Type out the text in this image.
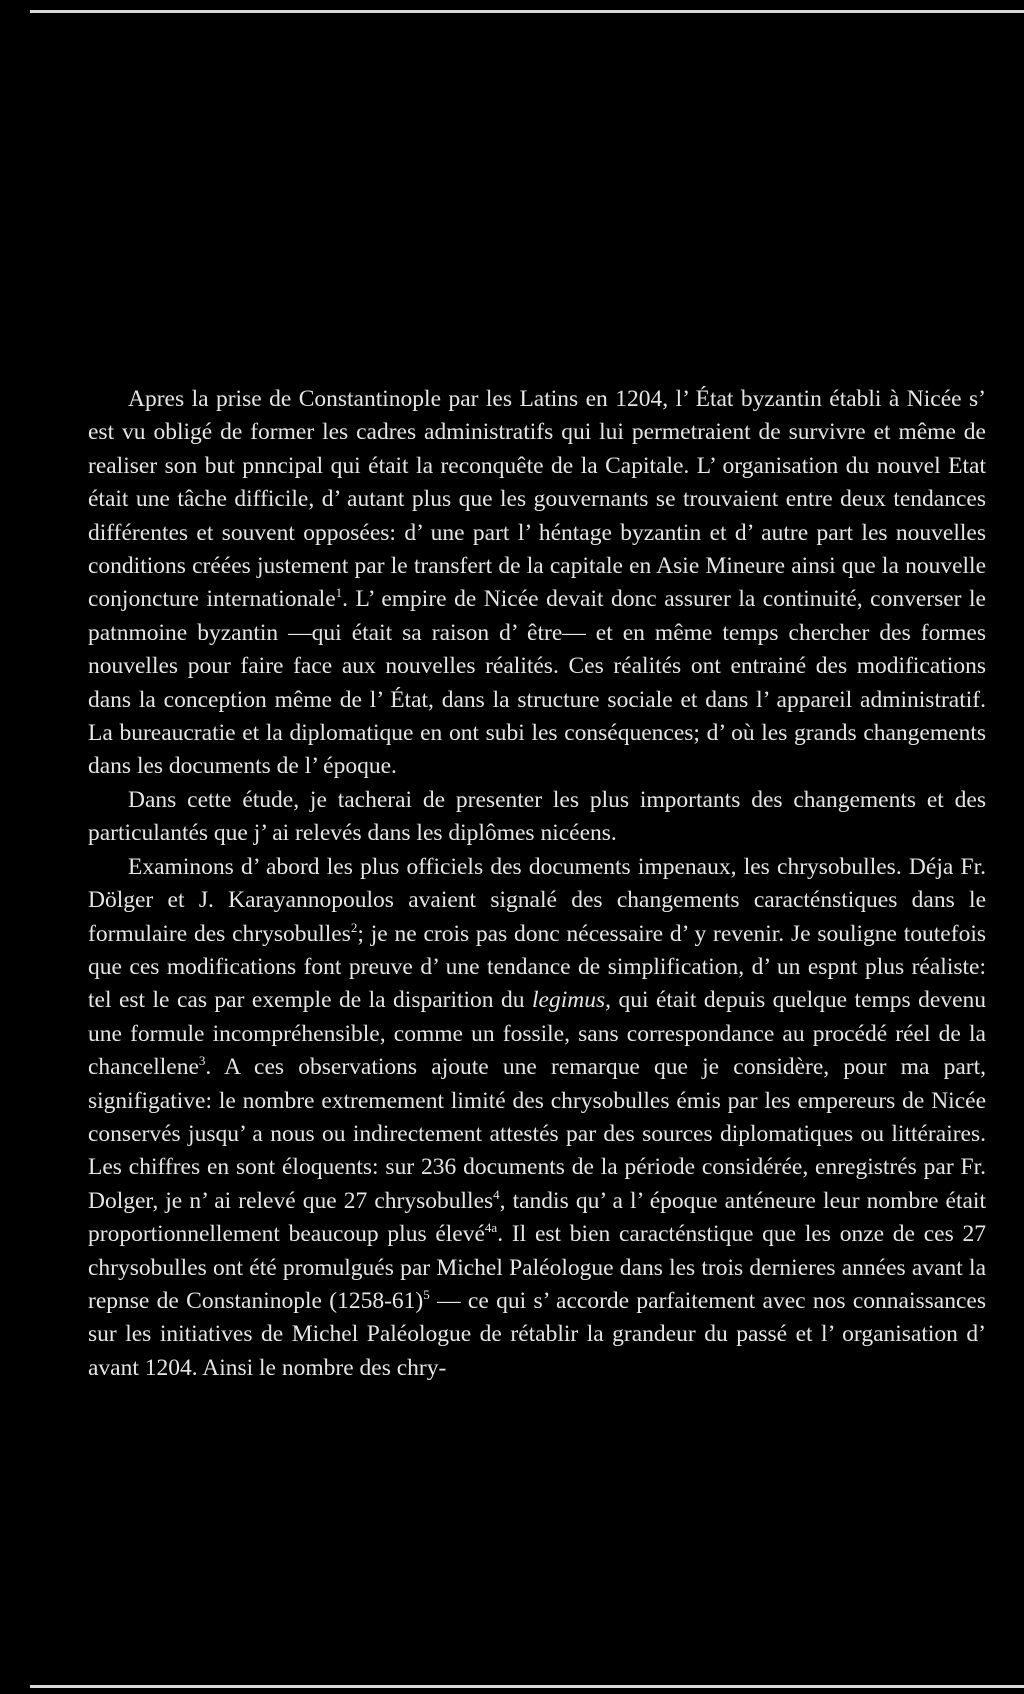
Apres la prise de Constantinople par les Latins en 1204, l’ État byzantin établi à Nicée s’ est vu obligé de former les cadres administratifs qui lui permetraient de survivre et même de realiser son but pnncipal qui était la reconquête de la Capitale. L’ organisation du nouvel Etat était une tâche difficile, d’ autant plus que les gouvernants se trouvaient entre deux tendances différentes et souvent opposées: d’ une part l’ héntage byzantin et d’ autre part les nouvelles conditions créées justement par le transfert de la capitale en Asie Mineure ainsi que la nouvelle conjoncture internationale$^1$. L’ empire de Nicée devait donc assurer la continuité, converser le patnmoine byzantin —qui était sa raison d’ être— et en même temps chercher des formes nouvelles pour faire face aux nouvelles réalités. Ces réalités ont entrainé des modifications dans la conception même de l’ État, dans la structure sociale et dans l’ appareil administratif. La bureaucratie et la diplomatique en ont subi les conséquences; d’ où les grands changements dans les documents de l’ époque.

Dans cette étude, je tacherai de presenter les plus importants des changements et des particulantés que j’ ai relevés dans les diplômes nicéens.

Examinons d’ abord les plus officiels des documents impenaux, les chrysobulles. Déja Fr. Dölger et J. Karayannopoulos avaient signalé des changements caracténstiques dans le formulaire des chrysobulles$^2$; je ne crois pas donc nécessaire d’ y revenir. Je souligne toutefois que ces modifications font preuve d’ une tendance de simplification, d’ un espnt plus réaliste: tel est le cas par exemple de la disparition du legimus, qui était depuis quelque temps devenu une formule incompréhensible, comme un fossile, sans correspondance au procédé réel de la chancellene$^3$. A ces observations ajoute une remarque que je considère, pour ma part, signifigative: le nombre extremement limité des chrysobulles émis par les empereurs de Nicée conservés jusqu’ a nous ou indirectement attestés par des sources diplomatiques ou littéraires. Les chiffres en sont éloquents: sur 236 documents de la période considérée, enregistrés par Fr. Dolger, je n’ ai relevé que 27 chrysobulles$^4$, tandis qu’ a l’ époque anténeure leur nombre était proportionnellement beaucoup plus élevé$^{4a}$. Il est bien caracténstique que les onze de ces 27 chrysobulles ont été promulgués par Michel Paléologue dans les trois dernieres années avant la repnse de Constaninople (1258-61)$^5$ — ce qui s’ accorde parfaitement avec nos connaissances sur les initiatives de Michel Paléologue de rétablir la grandeur du passé et l’ organisation d’ avant 1204. Ainsi le nombre des chry-
